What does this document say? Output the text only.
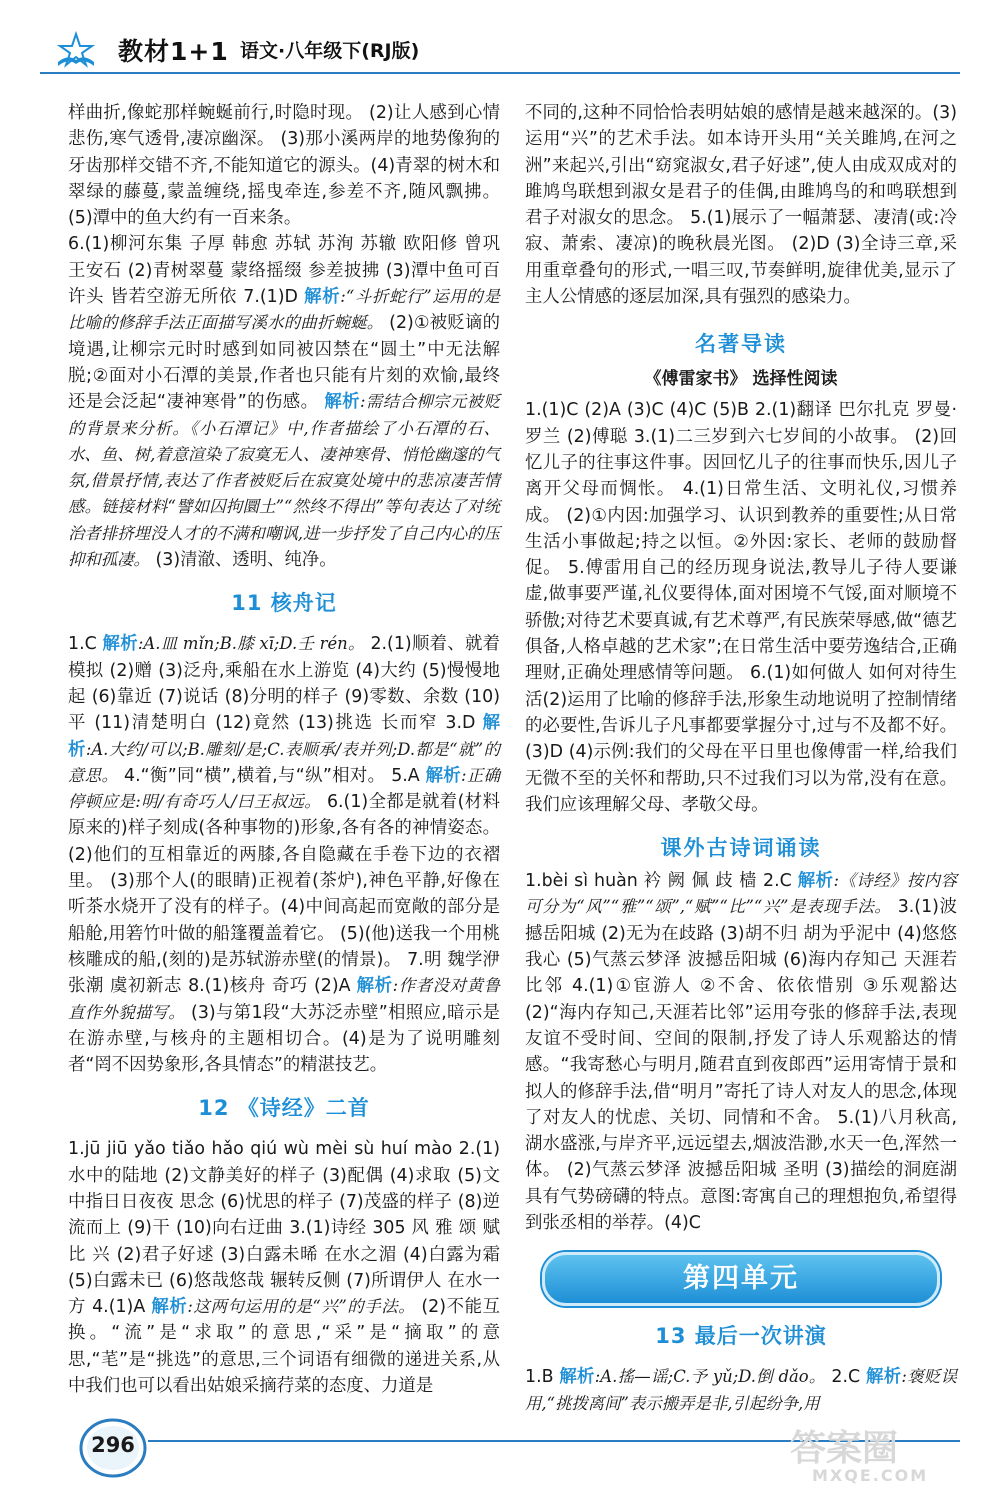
教材1+1 语文·八年级下(RJ版)

样曲折,像蛇那样蜿蜒前行,时隐时现。 (2)让人感到心情悲伤,寒气透骨,凄凉幽深。 (3)那小溪两岸的地势像狗的牙齿那样交错不齐,不能知道它的源头。(4)青翠的树木和翠绿的藤蔓,蒙盖缠绕,摇曳牵连,参差不齐,随风飘拂。 (5)潭中的鱼大约有一百来条。

6.(1)柳河东集 子厚 韩愈 苏轼 苏洵 苏辙 欧阳修 曾巩 王安石 (2)青树翠蔓 蒙络摇缀 参差披拂 (3)潭中鱼可百许头 皆若空游无所依 7.(1)D 解析:“斗折蛇行”运用的是比喻的修辞手法正面描写溪水的曲折蜿蜒。 (2)①被贬谪的境遇,让柳宗元时时感到如同被囚禁在“圆土”中无法解脱;②面对小石潭的美景,作者也只能有片刻的欢愉,最终还是会泛起“凄神寒骨”的伤感。 解析:需结合柳宗元被贬的背景来分析。《小石潭记》中,作者描绘了小石潭的石、水、鱼、树,着意渲染了寂寞无人、凄神寒骨、悄怆幽邃的气氛,借景抒情,表达了作者被贬后在寂寞处境中的悲凉凄苦情感。链接材料“譬如囚拘圜土”“然终不得出”等句表达了对统治者排挤埋没人才的不满和嘲讽,进一步抒发了自己内心的压抑和孤凄。 (3)清澈、透明、纯净。

11 核舟记

1.C 解析:A.皿 mǐn;B.膝 xī;D.壬 rén。 2.(1)顺着、就着 模拟 (2)赠 (3)泛舟,乘船在水上游览 (4)大约 (5)慢慢地 起 (6)靠近 (7)说话 (8)分明的样子 (9)零数、余数 (10)平 (11)清楚明白 (12)竟然 (13)挑选 长而窄 3.D 解析:A.大约/可以;B.雕刻/是;C.表顺承/表并列;D.都是“就”的意思。 4.“衡”同“横”,横着,与“纵”相对。 5.A 解析:正确停顿应是:明/有奇巧人/曰王叔远。 6.(1)全都是就着(材料原来的)样子刻成(各种事物的)形象,各有各的神情姿态。 (2)他们的互相靠近的两膝,各自隐藏在手卷下边的衣褶里。 (3)那个人(的眼睛)正视着(茶炉),神色平静,好像在听茶水烧开了没有的样子。(4)中间高起而宽敞的部分是船舱,用箬竹叶做的船篷覆盖着它。 (5)(他)送我一个用桃核雕成的船,(刻的)是苏轼游赤壁(的情景)。 7.明 魏学洢 张潮 虞初新志 8.(1)核舟 奇巧 (2)A 解析:作者没对黄鲁直作外貌描写。 (3)与第1段“大苏泛赤壁”相照应,暗示是在游赤壁,与核舟的主题相切合。(4)是为了说明雕刻者“罔不因势象形,各具情态”的精湛技艺。

12 《诗经》二首

1.jū jiū yǎo tiǎo hǎo qiú wù mèi sù huí mào 2.(1)水中的陆地 (2)文静美好的样子 (3)配偶 (4)求取 (5)文中指日日夜夜 思念 (6)忧思的样子 (7)茂盛的样子 (8)逆流而上 (9)干 (10)向右迂曲 3.(1)诗经 305 风 雅 颂 赋 比 兴 (2)君子好逑 (3)白露未晞 在水之湄 (4)白露为霜 (5)白露未已 (6)悠哉悠哉 辗转反侧 (7)所谓伊人 在水一方 4.(1)A 解析:这两句运用的是“兴”的手法。 (2)不能互换。“流”是“求取”的意思,“采”是“摘取”的意思,“芼”是“挑选”的意思,三个词语有细微的递进关系,从中我们也可以看出姑娘采摘荇菜的态度、力道是

不同的,这种不同恰恰表明姑娘的感情是越来越深的。(3)运用“兴”的艺术手法。如本诗开头用“关关雎鸠,在河之洲”来起兴,引出“窈窕淑女,君子好逑”,使人由成双成对的雎鸠鸟联想到淑女是君子的佳偶,由雎鸠鸟的和鸣联想到君子对淑女的思念。 5.(1)展示了一幅萧瑟、凄清(或:冷寂、萧索、凄凉)的晚秋晨光图。 (2)D (3)全诗三章,采用重章叠句的形式,一唱三叹,节奏鲜明,旋律优美,显示了主人公情感的逐层加深,具有强烈的感染力。

名著导读
《傅雷家书》 选择性阅读

1.(1)C (2)A (3)C (4)C (5)B 2.(1)翻译 巴尔扎克 罗曼·罗兰 (2)傅聪 3.(1)二三岁到六七岁间的小故事。 (2)回忆儿子的往事这件事。因回忆儿子的往事而快乐,因儿子离开父母而惆怅。 4.(1)日常生活、文明礼仪,习惯养成。 (2)①内因:加强学习、认识到教养的重要性;从日常生活小事做起;持之以恒。②外因:家长、老师的鼓励督促。 5.傅雷用自己的经历现身说法,教导儿子待人要谦虚,做事要严谨,礼仪要得体,面对困境不气馁,面对顺境不骄傲;对待艺术要真诚,有艺术尊严,有民族荣辱感,做“德艺俱备,人格卓越的艺术家”;在日常生活中要劳逸结合,正确理财,正确处理感情等问题。 6.(1)如何做人 如何对待生活(2)运用了比喻的修辞手法,形象生动地说明了控制情绪的必要性,告诉儿子凡事都要掌握分寸,过与不及都不好。 (3)D (4)示例:我们的父母在平日里也像傅雷一样,给我们无微不至的关怀和帮助,只不过我们习以为常,没有在意。我们应该理解父母、孝敬父母。

课外古诗词诵读

1.bèi sì huàn 衿 阙 佩 歧 樯 2.C 解析:《诗经》按内容可分为“风”“雅”“颂”,“赋”“比”“兴”是表现手法。 3.(1)波撼岳阳城 (2)无为在歧路 (3)胡不归 胡为乎泥中 (4)悠悠我心 (5)气蒸云梦泽 波撼岳阳城 (6)海内存知己 天涯若比邻 4.(1)①宦游人 ②不舍、依依惜别 ③乐观豁达 (2)“海内存知己,天涯若比邻”运用夸张的修辞手法,表现友谊不受时间、空间的限制,抒发了诗人乐观豁达的情感。“我寄愁心与明月,随君直到夜郎西”运用寄情于景和拟人的修辞手法,借“明月”寄托了诗人对友人的思念,体现了对友人的忧虑、关切、同情和不舍。 5.(1)八月秋高,湖水盛涨,与岸齐平,远远望去,烟波浩渺,水天一色,浑然一体。 (2)气蒸云梦泽 波撼岳阳城 圣明 (3)描绘的洞庭湖具有气势磅礴的特点。意图:寄寓自己的理想抱负,希望得到张丞相的举荐。(4)C

第四单元
13 最后一次讲演

1.B 解析:A.搖—谣;C.予 yǔ;D.倒 dǎo。 2.C 解析:褒贬误用,“挑拨离间”表示搬弄是非,引起纷争,用

296	答案圈
MXQE.COM
